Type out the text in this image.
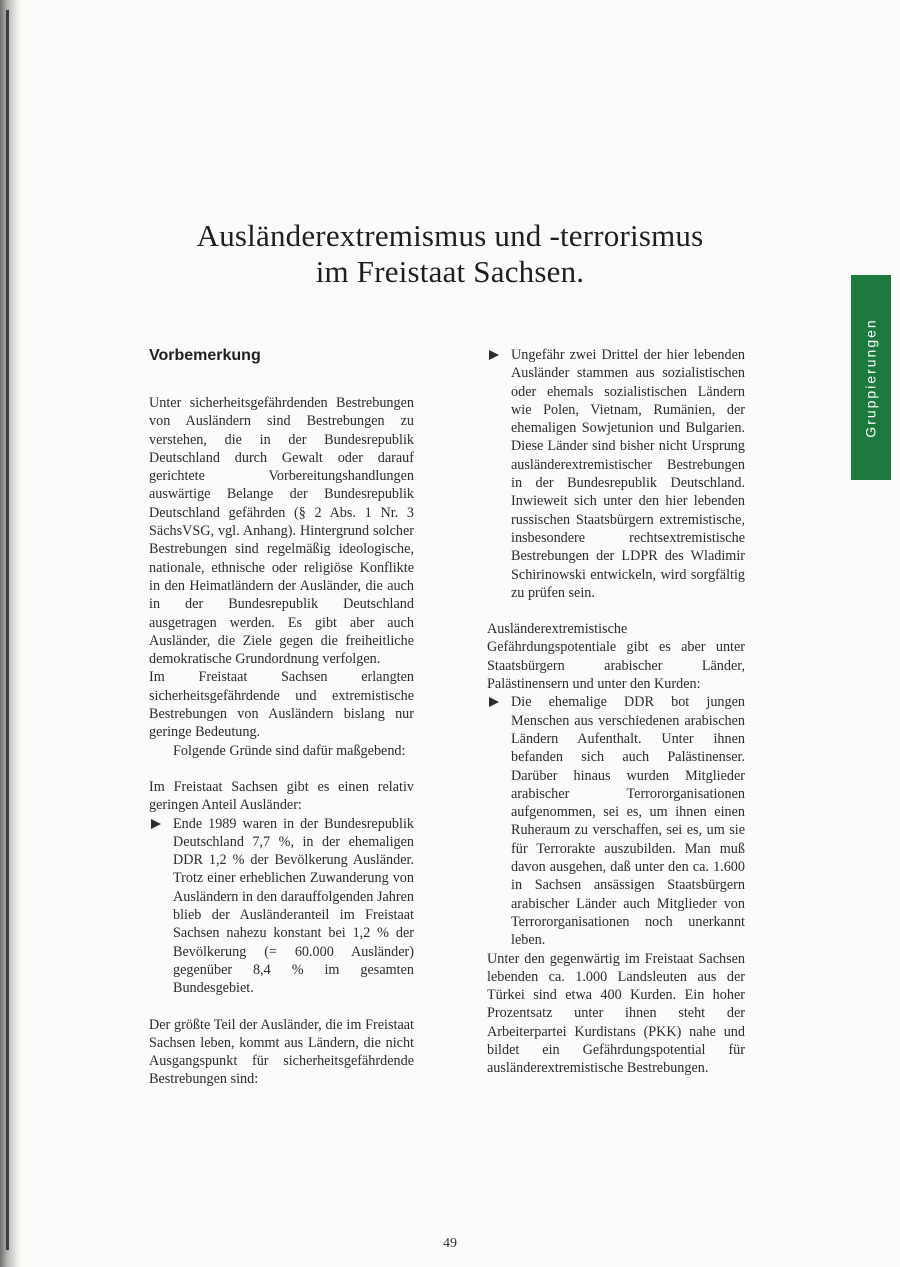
Ausländerextremismus und -terrorismus
im Freistaat Sachsen.
Gruppierungen
Vorbemerkung

Unter sicherheitsgefährdenden Bestrebungen von Ausländern sind Bestrebungen zu verstehen, die in der Bundesrepublik Deutschland durch Gewalt oder darauf gerichtete Vorbereitungshandlungen auswärtige Belange der Bundesrepublik Deutschland gefährden (§ 2 Abs. 1 Nr. 3 SächsVSG, vgl. Anhang). Hintergrund solcher Bestrebungen sind regelmäßig ideologische, nationale, ethnische oder religiöse Konflikte in den Heimatländern der Ausländer, die auch in der Bundesrepublik Deutschland ausgetragen werden. Es gibt aber auch Ausländer, die Ziele gegen die freiheitliche demokratische Grundordnung verfolgen.

Im Freistaat Sachsen erlangten sicherheitsgefährdende und extremistische Bestrebungen von Ausländern bislang nur geringe Bedeutung.

Folgende Gründe sind dafür maßgebend:

Im Freistaat Sachsen gibt es einen relativ geringen Anteil Ausländer:

Ende 1989 waren in der Bundesrepublik Deutschland 7,7 %, in der ehemaligen DDR 1,2 % der Bevölkerung Ausländer. Trotz einer erheblichen Zuwanderung von Ausländern in den darauffolgenden Jahren blieb der Ausländeranteil im Freistaat Sachsen nahezu konstant bei 1,2 % der Bevölkerung (= 60.000 Ausländer) gegenüber 8,4 % im gesamten Bundesgebiet.

Der größte Teil der Ausländer, die im Freistaat Sachsen leben, kommt aus Ländern, die nicht Ausgangspunkt für sicherheitsgefährdende Bestrebungen sind:

Ungefähr zwei Drittel der hier lebenden Ausländer stammen aus sozialistischen oder ehemals sozialistischen Ländern wie Polen, Vietnam, Rumänien, der ehemaligen Sowjetunion und Bulgarien. Diese Länder sind bisher nicht Ursprung ausländerextremistischer Bestrebungen in der Bundesrepublik Deutschland. Inwieweit sich unter den hier lebenden russischen Staatsbürgern extremistische, insbesondere rechtsextremistische Bestrebungen der LDPR des Wladimir Schirinowski entwickeln, wird sorgfältig zu prüfen sein.

Ausländerextremistische Gefährdungspotentiale gibt es aber unter Staatsbürgern arabischer Länder, Palästinensern und unter den Kurden:

Die ehemalige DDR bot jungen Menschen aus verschiedenen arabischen Ländern Aufenthalt. Unter ihnen befanden sich auch Palästinenser. Darüber hinaus wurden Mitglieder arabischer Terrororganisationen aufgenommen, sei es, um ihnen einen Ruheraum zu verschaffen, sei es, um sie für Terrorakte auszubilden. Man muß davon ausgehen, daß unter den ca. 1.600 in Sachsen ansässigen Staatsbürgern arabischer Länder auch Mitglieder von Terrororganisationen noch unerkannt leben.

Unter den gegenwärtig im Freistaat Sachsen lebenden ca. 1.000 Landsleuten aus der Türkei sind etwa 400 Kurden. Ein hoher Prozentsatz unter ihnen steht der Arbeiterpartei Kurdistans (PKK) nahe und bildet ein Gefährdungspotential für ausländerextremistische Bestrebungen.

49
